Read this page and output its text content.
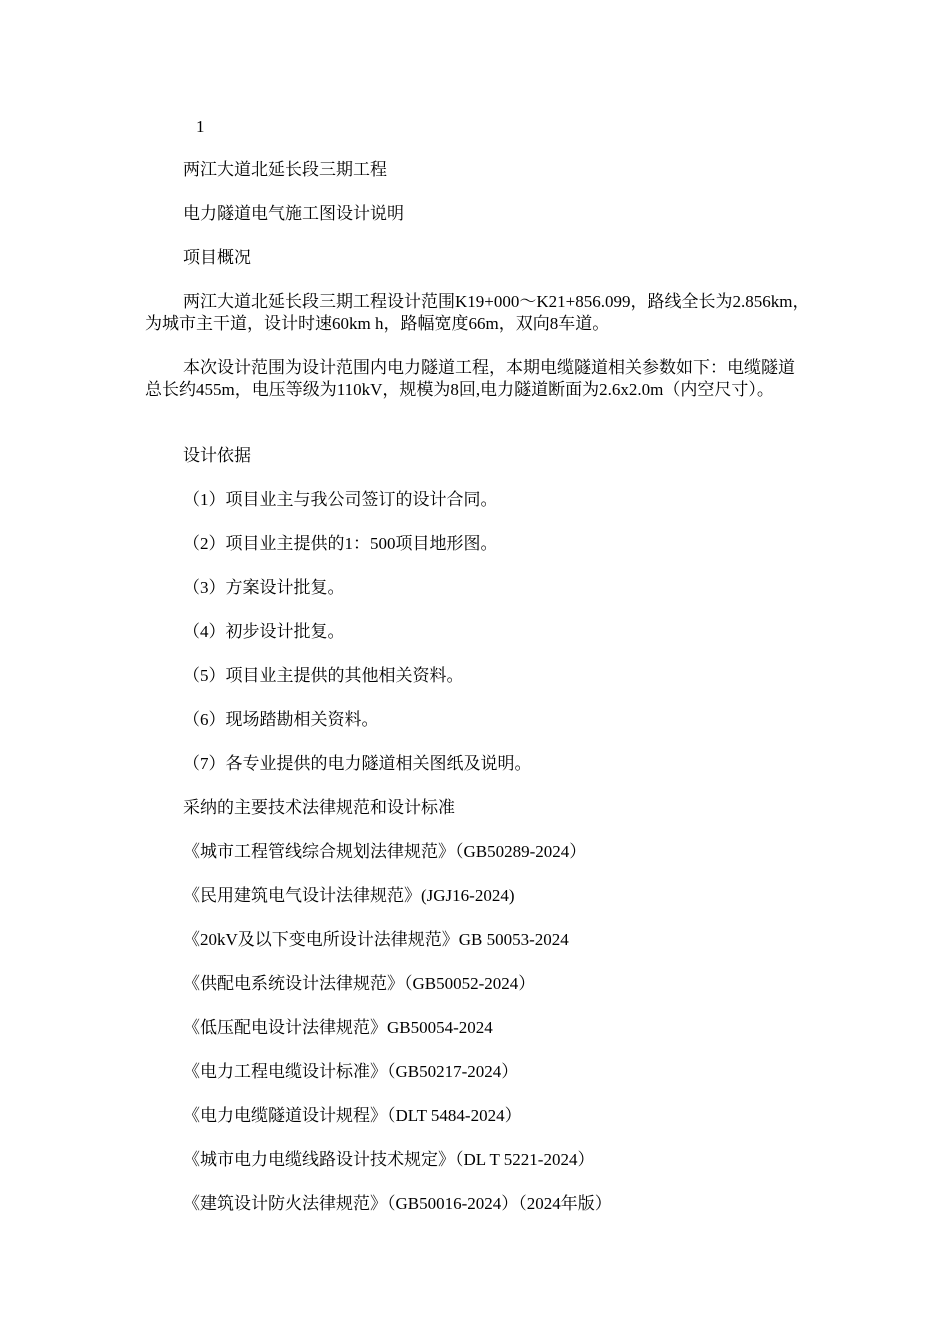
1
两江大道北延长段三期工程
电力隧道电气施工图设计说明
项目概况
两江大道北延长段三期工程设计范围K19+000～K21+856.099，路线全长为2.856km，为城市主干道，设计时速60km h，路幅宽度66m，双向8车道。
本次设计范围为设计范围内电力隧道工程，本期电缆隧道相关参数如下：电缆隧道总长约455m，电压等级为110kV，规模为8回,电力隧道断面为2.6x2.0m（内空尺寸）。
设计依据
（1）项目业主与我公司签订的设计合同。
（2）项目业主提供的1：500项目地形图。
（3）方案设计批复。
（4）初步设计批复。
（5）项目业主提供的其他相关资料。
（6）现场踏勘相关资料。
（7）各专业提供的电力隧道相关图纸及说明。
采纳的主要技术法律规范和设计标准
《城市工程管线综合规划法律规范》（GB50289-2024）
《民用建筑电气设计法律规范》(JGJ16-2024)
《20kV及以下变电所设计法律规范》GB 50053-2024
《供配电系统设计法律规范》（GB50052-2024）
《低压配电设计法律规范》GB50054-2024
《电力工程电缆设计标准》（GB50217-2024）
《电力电缆隧道设计规程》（DLT 5484-2024）
《城市电力电缆线路设计技术规定》（DL T 5221-2024）
《建筑设计防火法律规范》（GB50016-2024）（2024年版）
